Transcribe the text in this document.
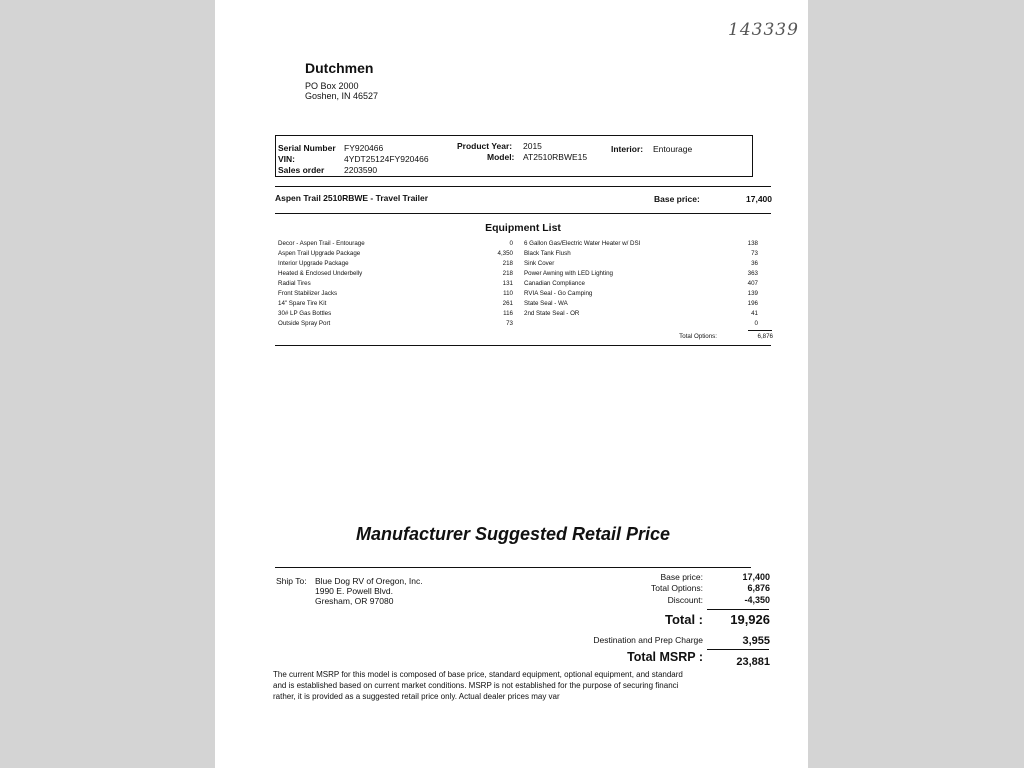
143339
Dutchmen
PO Box 2000
Goshen, IN 46527
Serial Number FY920466
VIN:	4YDT25124FY920466
Sales order 2203590
Product Year: 2015
Model: AT2510RBWE15
Interior: Entourage
Aspen Trail 2510RBWE - Travel Trailer	Base price:	17,400
Equipment List
Decor - Aspen Trail - Entourage	0
Aspen Trail Upgrade Package	4,350
Interior Upgrade Package	218
Heated & Enclosed Underbelly	218
Radial Tires	131
Front Stabilizer Jacks	110
14" Spare Tire Kit	261
30# LP Gas Bottles	116
Outside Spray Port	73
6 Gallon Gas/Electric Water Heater w/ DSI	138
Black Tank Flush	73
Sink Cover	36
Power Awning with LED Lighting	363
Canadian Compliance	407
RVIA Seal - Go Camping	139
State Seal - WA	196
2nd State Seal - OR	41
0
Total Options:	6,876
Manufacturer Suggested Retail Price
Ship To: Blue Dog RV of Oregon, Inc.
1990 E. Powell Blvd.
Gresham, OR 97080
Base price:	17,400
Total Options:	6,876
Discount:	-4,350
Total :	19,926
Destination and Prep Charge	3,955
Total MSRP :	23,881
The current MSRP for this model is composed of base price, standard equipment, optional equipment, and standard
and is established based on current market conditions. MSRP is not established for the purpose of securing financi
rather, it is provided as a suggested retail price only. Actual dealer prices may var
